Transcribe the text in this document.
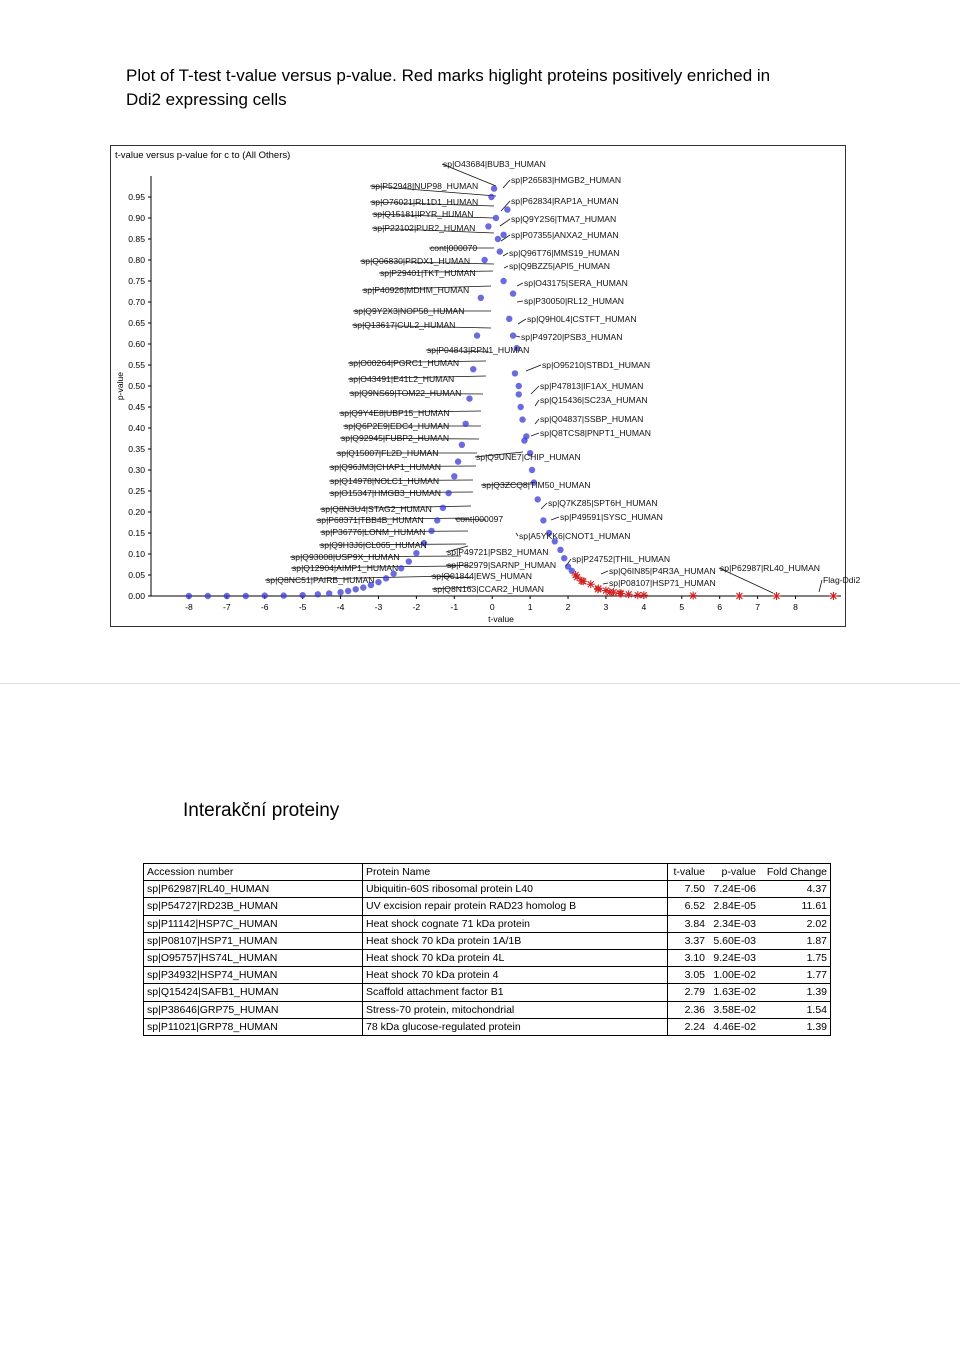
Plot of T-test t-value versus p-value. Red marks higlight proteins positively enriched in
Ddi2 expressing cells
t-value versus p-value for c to (All Others)
0.00
0.05
0.10
0.15
0.20
0.25
0.30
0.35
0.40
0.45
0.50
0.55
0.60
0.65
0.70
0.75
0.80
0.85
0.90
0.95
-8	-7	-6	-5	-4	-3	-2	-1	0	1	2	3	4	5	6	7	8
p-value
t-value
sp|O43684|BUB3_HUMAN
sp|P26583|HMGB2_HUMAN
sp|P52948|NUP98_HUMAN
sp|O76021|RL1D1_HUMAN	sp|P62834|RAP1A_HUMAN
sp|Q15181|IPYR_HUMAN	sp|Q9Y2S6|TMA7_HUMAN
sp|P22102|PUR2_HUMAN
sp|P07355|ANXA2_HUMAN
cont|000070	sp|Q96T76|MMS19_HUMAN
sp|Q06830|PRDX1_HUMAN	sp|Q9BZZ5|API5_HUMAN
sp|P29401|TKT_HUMAN
sp|O43175|SERA_HUMAN
sp|P40926|MDHM_HUMAN
sp|P30050|RL12_HUMAN
sp|Q9Y2X3|NOP58_HUMAN
sp|Q9H0L4|CSTFT_HUMAN
sp|Q13617|CUL2_HUMAN
sp|P49720|PSB3_HUMAN
sp|P04843|RPN1_HUMAN
sp|O00264|PGRC1_HUMAN	sp|O95210|STBD1_HUMAN
sp|O43491|E41L2_HUMAN
sp|P47813|IF1AX_HUMAN
sp|Q9NS69|TOM22_HUMAN
sp|Q15436|SC23A_HUMAN
sp|Q9Y4E8|UBP15_HUMAN
sp|Q04837|SSBP_HUMAN
sp|Q6P2E9|EDC4_HUMAN
sp|Q8TCS8|PNPT1_HUMAN
sp|Q92945|FUBP2_HUMAN
sp|Q15007|FL2D_HUMAN	sp|Q9UNE7|CHIP_HUMAN
sp|Q96JM3|CHAP1_HUMAN
sp|Q14978|NOLC1_HUMAN	sp|Q3ZCQ8|TIM50_HUMAN
sp|O15347|HMGB3_HUMAN
sp|Q7KZ85|SPT6H_HUMAN
sp|Q8N3U4|STAG2_HUMAN
sp|P49591|SYSC_HUMAN
sp|P68371|TBB4B_HUMAN	cont|000097
sp|P36776|LONM_HUMAN	sp|A5YKK6|CNOT1_HUMAN
sp|Q9H3J6|CL065_HUMAN
sp|P49721|PSB2_HUMAN
sp|Q93008|USP9X_HUMAN
sp|P82979|SARNP_HUMAN
sp|P24752|THIL_HUMAN
sp|Q12904|AIMP1_HUMAN	sp|Q6IN85|P4R3A_HUMAN sp|P62987|RL40_HUMAN
sp|Q01844|EWS_HUMAN
sp|Q8NC51|PAIRB_HUMAN	sp|P08107|HSP71_HUMAN	Flag-Ddi2
sp|Q8N163|CCAR2_HUMAN
Interakční proteiny
Accession number	Protein Name	t-value	p-value	Fold Change
sp|P62987|RL40_HUMAN	Ubiquitin-60S ribosomal protein L40	7.50	7.24E-06	4.37
sp|P54727|RD23B_HUMAN	UV excision repair protein RAD23 homolog B	6.52	2.84E-05	11.61
sp|P11142|HSP7C_HUMAN	Heat shock cognate 71 kDa protein	3.84	2.34E-03	2.02
sp|P08107|HSP71_HUMAN	Heat shock 70 kDa protein 1A/1B	3.37	5.60E-03	1.87
sp|O95757|HS74L_HUMAN	Heat shock 70 kDa protein 4L	3.10	9.24E-03	1.75
sp|P34932|HSP74_HUMAN	Heat shock 70 kDa protein 4	3.05	1.00E-02	1.77
sp|Q15424|SAFB1_HUMAN	Scaffold attachment factor B1	2.79	1.63E-02	1.39
sp|P38646|GRP75_HUMAN	Stress-70 protein, mitochondrial	2.36	3.58E-02	1.54
sp|P11021|GRP78_HUMAN	78 kDa glucose-regulated protein	2.24	4.46E-02	1.39
